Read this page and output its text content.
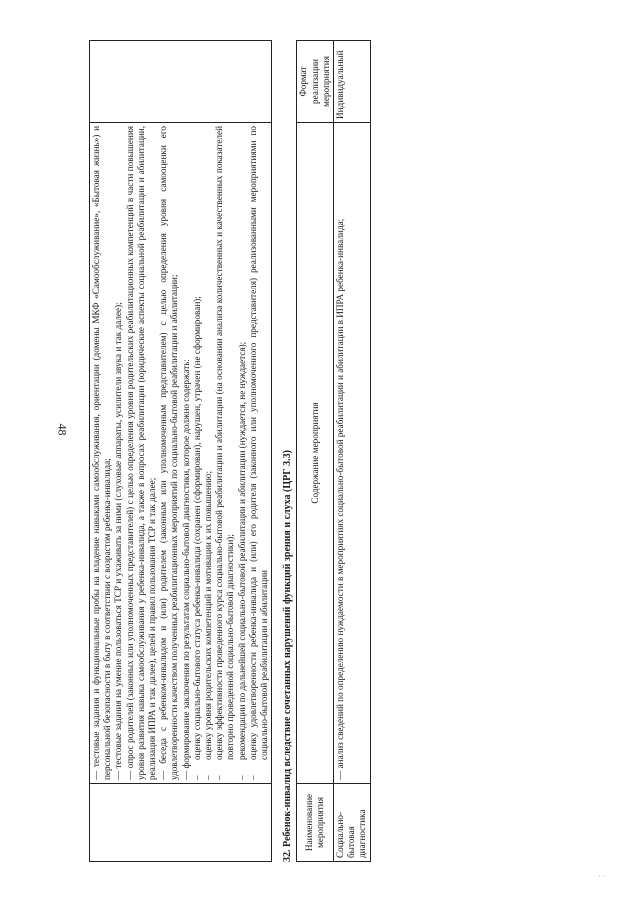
48
	— тестовые задания и функциональные пробы на владение навыками самообслуживания, ориентации (домены МКФ «Самообслуживание», «Бытовая жизнь») и персональной безопасности в быту в соответствии с возрастом ребенка-инвалида; — тестовые задания на умение пользоваться ТСР и ухаживать за ними (слуховые аппараты, усилители звука и так далее); — опрос родителей (законных или уполномоченных представителей) с целью определения уровня родительских реабилитационных компетенций в части повышения уровня развития навыка самообслуживания у ребенка-инвалида, а также в вопросах реабилитации (юридические аспекты социальной реабилитации и абилитации, реализация ИПРА и так далее), целей и правил пользования ТСР и так далее; — беседа с ребенком-инвалидом и (или) родителем (законным или уполномоченным представителем) с целью определения уровня самооценки его удовлетворенности качеством полученных реабилитационных мероприятий по социально-бытовой реабилитации и абилитации; — формирование заключения по результатам социально-бытовой диагностики, которое должно содержать: –
оценку социально-бытового статуса ребенка-инвалида (сохранен (сформирован), нарушен, утрачен (не сформирован);
–
оценку уровня родительских компетенций и мотивации к их повышению;
–
оценку эффективности проведенного курса социально-бытовой реабилитации и абилитации (на основании анализа количественных и качественных показателей повторно проведенной социально-бытовой диагностики);
–
рекомендации по дальнейшей социально-бытовой реабилитации и абилитации (нуждается, не нуждается);
–
оценку удовлетворенности ребенка-инвалида и (или) его родителя (законного или уполномоченного представителя) реализованными мероприятиями по социально-бытовой реабилитации и абилитации
	32. Ребенок-инвалид вследствие сочетанных нарушений функций зрения и слуха (ЦРГ 3.3) Наименование мероприятия	Содержание мероприятия	Формат реализации мероприятия
Социально-бытовая диагностика	— анализ сведений по определению нуждаемости в мероприятиях социально-бытовой реабилитации и абилитации в ИПРА ребенка-инвалида;	Индивидуальный
· ·
